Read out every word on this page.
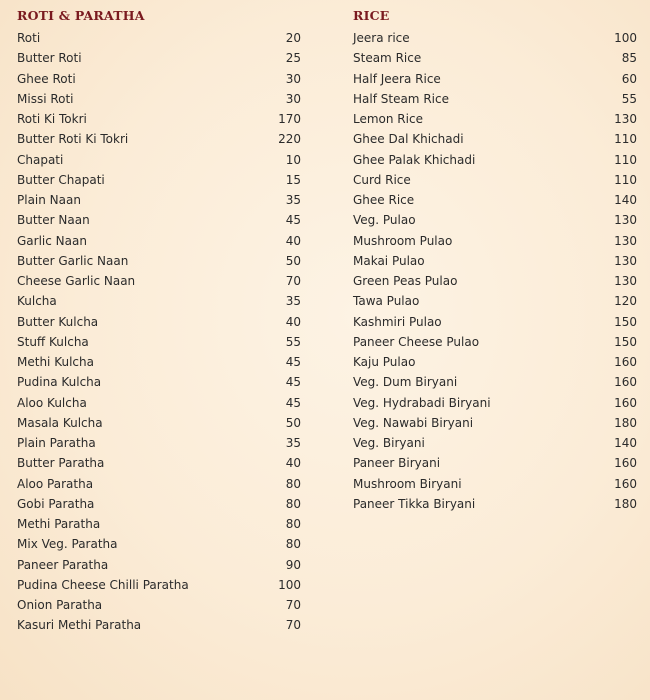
ROTI & PARATHA
Roti	20
Butter Roti	25
Ghee Roti	30
Missi Roti	30
Roti Ki Tokri	170
Butter Roti Ki Tokri	220
Chapati	10
Butter Chapati	15
Plain Naan	35
Butter Naan	45
Garlic Naan	40
Butter Garlic Naan	50
Cheese Garlic Naan	70
Kulcha	35
Butter Kulcha	40
Stuff Kulcha	55
Methi Kulcha	45
Pudina Kulcha	45
Aloo Kulcha	45
Masala Kulcha	50
Plain Paratha	35
Butter Paratha	40
Aloo Paratha	80
Gobi Paratha	80
Methi Paratha	80
Mix Veg. Paratha	80
Paneer Paratha	90
Pudina Cheese Chilli Paratha	100
Onion Paratha	70
Kasuri Methi Paratha	70
RICE
Jeera rice	100
Steam Rice	85
Half Jeera Rice	60
Half Steam Rice	55
Lemon Rice	130
Ghee Dal Khichadi	110
Ghee Palak Khichadi	110
Curd Rice	110
Ghee Rice	140
Veg. Pulao	130
Mushroom Pulao	130
Makai Pulao	130
Green Peas Pulao	130
Tawa Pulao	120
Kashmiri Pulao	150
Paneer Cheese Pulao	150
Kaju Pulao	160
Veg. Dum Biryani	160
Veg. Hydrabadi Biryani	160
Veg. Nawabi Biryani	180
Veg. Biryani	140
Paneer Biryani	160
Mushroom Biryani	160
Paneer Tikka Biryani	180
